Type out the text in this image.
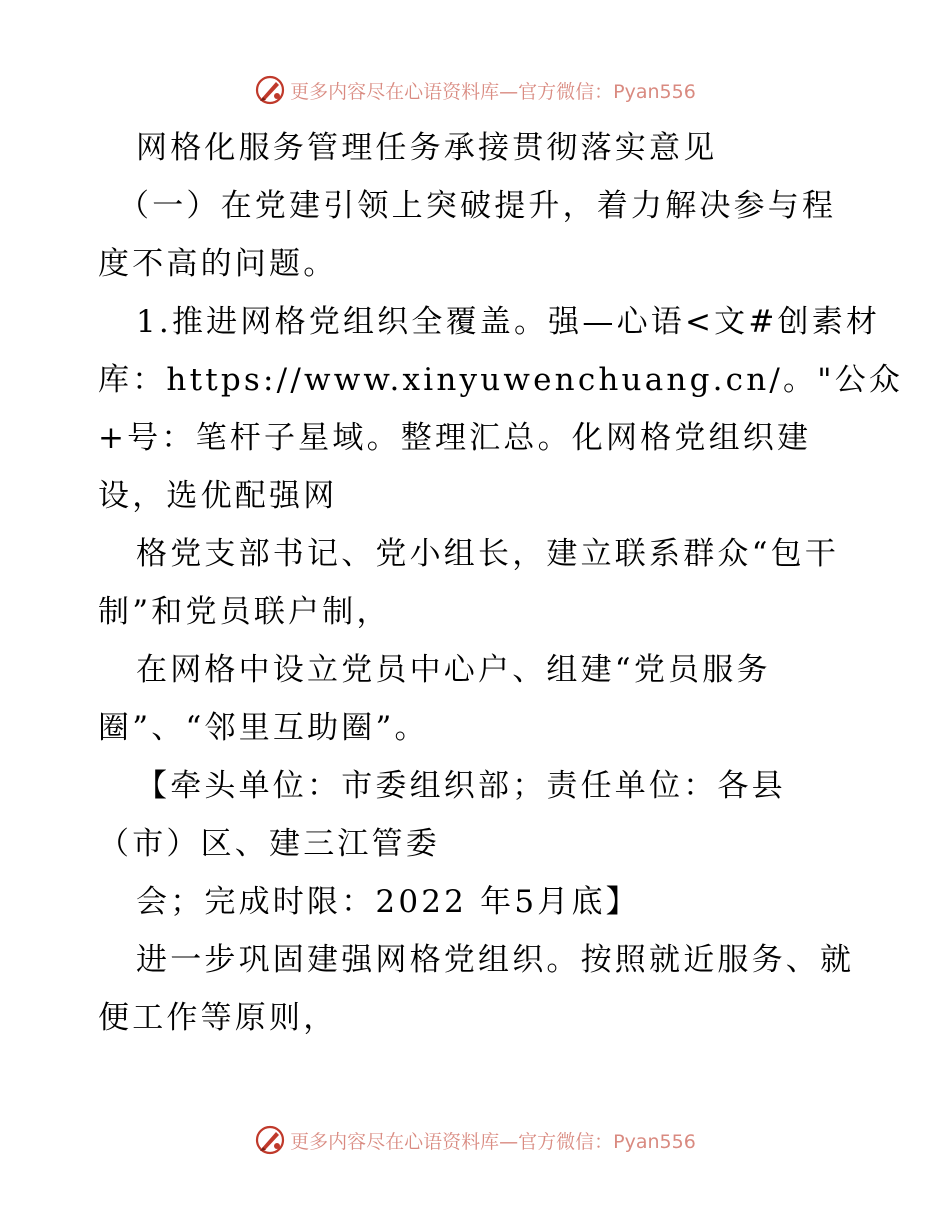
更多内容尽在心语资料库—官方微信：Pyan556
网格化服务管理任务承接贯彻落实意见
（一）在党建引领上突破提升，着力解决参与程
度不高的问题。
1.推进网格党组织全覆盖。强—心语<文#创素材
库：https://www.xinyuwenchuang.cn/。"公众
+号：笔杆子星域。整理汇总。化网格党组织建
设，选优配强网
格党支部书记、党小组长，建立联系群众“包干
制”和党员联户制，
在网格中设立党员中心户、组建“党员服务
圈”、“邻里互助圈”。
【牵头单位：市委组织部；责任单位：各县
（市）区、建三江管委
会；完成时限：2022 年5月底】
进一步巩固建强网格党组织。按照就近服务、就
便工作等原则，
更多内容尽在心语资料库—官方微信：Pyan556
